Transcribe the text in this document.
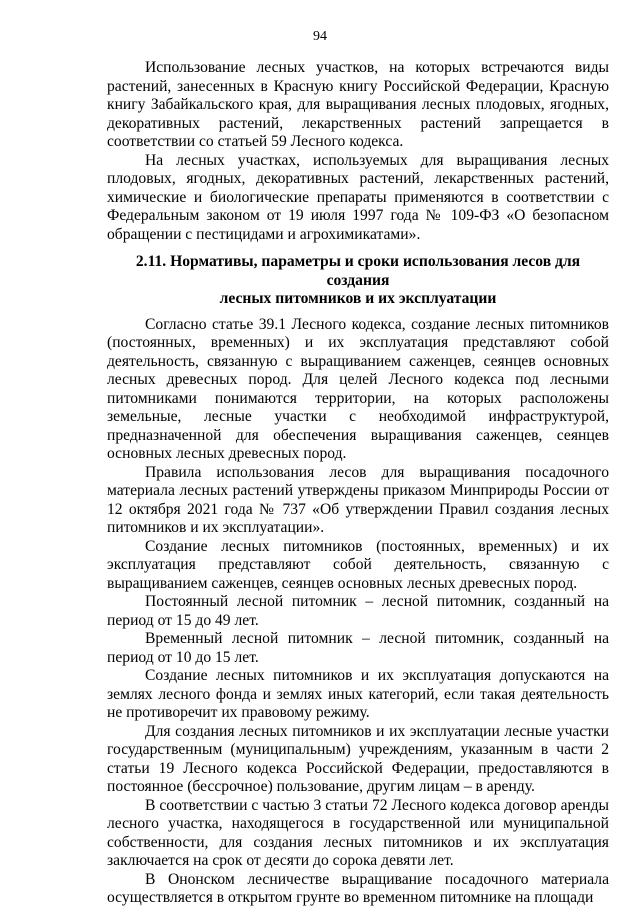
94

Использование лесных участков, на которых встречаются виды растений, занесенных в Красную книгу Российской Федерации, Красную книгу Забайкальского края, для выращивания лесных плодовых, ягодных, декоративных растений, лекарственных растений запрещается в соответствии со статьей 59 Лесного кодекса.

На лесных участках, используемых для выращивания лесных плодовых, ягодных, декоративных растений, лекарственных растений, химические и биологические препараты применяются в соответствии с Федеральным законом от 19 июля 1997 года № 109-ФЗ «О безопасном обращении с пестицидами и агрохимикатами».

2.11. Нормативы, параметры и сроки использования лесов для создания
лесных питомников и их эксплуатации

Согласно статье 39.1 Лесного кодекса, создание лесных питомников (постоянных, временных) и их эксплуатация представляют собой деятельность, связанную с выращиванием саженцев, сеянцев основных лесных древесных пород. Для целей Лесного кодекса под лесными питомниками понимаются территории, на которых расположены земельные, лесные участки с необходимой инфраструктурой, предназначенной для обеспечения выращивания саженцев, сеянцев основных лесных древесных пород.

Правила использования лесов для выращивания посадочного материала лесных растений утверждены приказом Минприроды России от 12 октября 2021 года № 737 «Об утверждении Правил создания лесных питомников и их эксплуатации».

Создание лесных питомников (постоянных, временных) и их эксплуатация представляют собой деятельность, связанную с выращиванием саженцев, сеянцев основных лесных древесных пород.

Постоянный лесной питомник – лесной питомник, созданный на период от 15 до 49 лет.

Временный лесной питомник – лесной питомник, созданный на период от 10 до 15 лет.

Создание лесных питомников и их эксплуатация допускаются на землях лесного фонда и землях иных категорий, если такая деятельность не противоречит их правовому режиму.

Для создания лесных питомников и их эксплуатации лесные участки государственным (муниципальным) учреждениям, указанным в части 2 статьи 19 Лесного кодекса Российской Федерации, предоставляются в постоянное (бессрочное) пользование, другим лицам – в аренду.

В соответствии с частью 3 статьи 72 Лесного кодекса договор аренды лесного участка, находящегося в государственной или муниципальной собственности, для создания лесных питомников и их эксплуатация заключается на срок от десяти до сорока девяти лет.

В Ононском лесничестве выращивание посадочного материала осуществляется в открытом грунте во временном питомнике на площади
